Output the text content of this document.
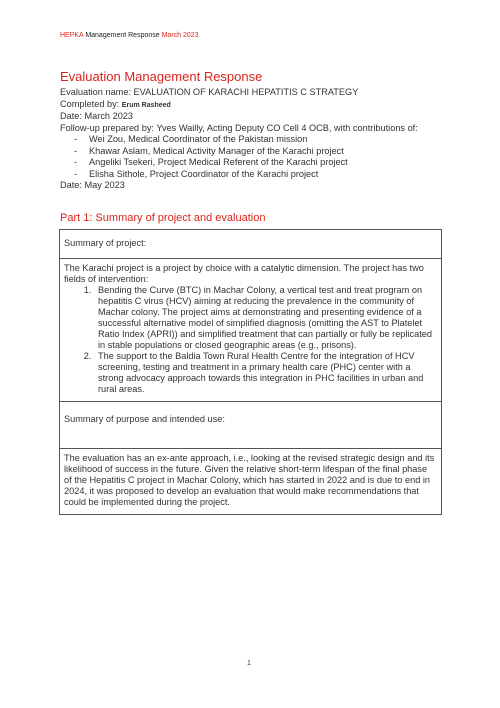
HEPKA Management Response March 2023
Evaluation Management Response
Evaluation name: EVALUATION OF KARACHI HEPATITIS C STRATEGY
Completed by: Erum Rasheed
Date: March 2023
Follow-up prepared by: Yves Wailly, Acting Deputy CO Cell 4 OCB, with contributions of:
- Wei Zou, Medical Coordinator of the Pakistan mission
- Khawar Aslam, Medical Activity Manager of the Karachi project
- Angeliki Tsekeri, Project Medical Referent of the Karachi project
- Elisha Sithole, Project Coordinator of the Karachi project
Date: May 2023
Part 1: Summary of project and evaluation
Summary of project:

The Karachi project is a project by choice with a catalytic dimension. The project has two fields of intervention:

1. Bending the Curve (BTC) in Machar Colony, a vertical test and treat program on hepatitis C virus (HCV) aiming at reducing the prevalence in the community of Machar colony. The project aims at demonstrating and presenting evidence of a successful alternative model of simplified diagnosis (omitting the AST to Platelet Ratio Index (APRI)) and simplified treatment that can partially or fully be replicated in stable populations or closed geographic areas (e.g., prisons).
2. The support to the Baldia Town Rural Health Centre for the integration of HCV screening, testing and treatment in a primary health care (PHC) center with a strong advocacy approach towards this integration in PHC facilities in urban and rural areas.

Summary of purpose and intended use:

The evaluation has an ex-ante approach, i.e., looking at the revised strategic design and its likelihood of success in the future. Given the relative short-term lifespan of the final phase of the Hepatitis C project in Machar Colony, which has started in 2022 and is due to end in 2024, it was proposed to develop an evaluation that would make recommendations that could be implemented during the project.

1
